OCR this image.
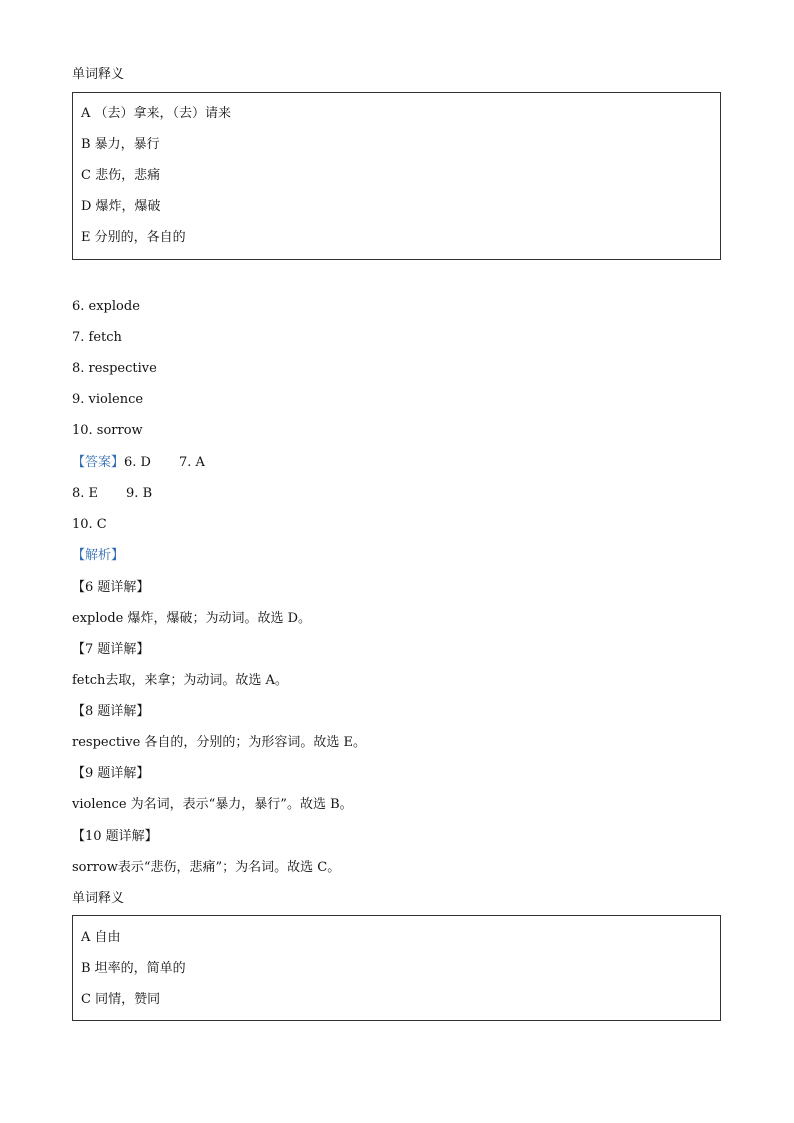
单词释义
A （去）拿来，（去）请来
B 暴力，暴行
C 悲伤，悲痛
D 爆炸，爆破
E 分别的，各自的
6. explode
7. fetch
8. respective
9. violence
10. sorrow
【答案】6. D 7. A
8. E 9. B
10. C
【解析】
【6 题详解】
explode 爆炸，爆破；为动词。故选 D。
【7 题详解】
fetch去取，来拿；为动词。故选 A。
【8 题详解】
respective 各自的，分别的；为形容词。故选 E。
【9 题详解】
violence 为名词，表示“暴力，暴行”。故选 B。
【10 题详解】
sorrow表示“悲伤，悲痛”；为名词。故选 C。
单词释义
A 自由
B 坦率的，简单的
C 同情，赞同
